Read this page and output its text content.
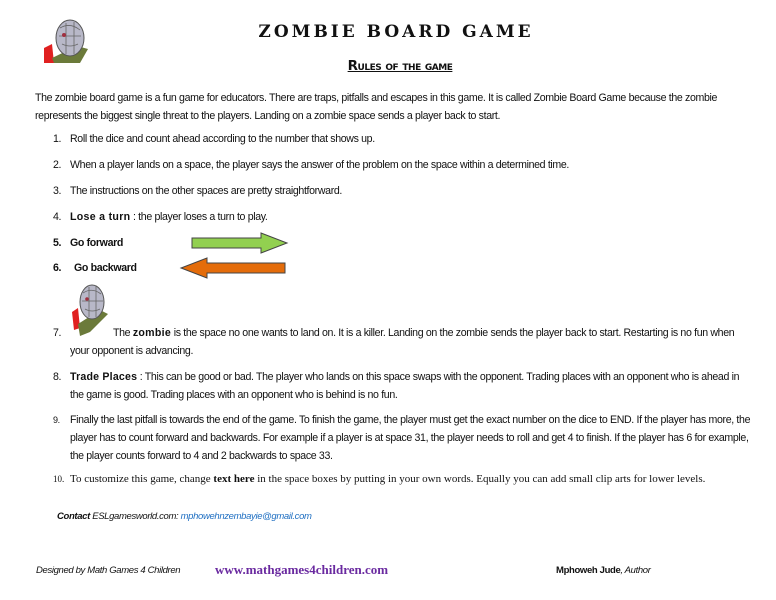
ZOMBIE BOARD GAME
Rules of the game
The zombie board game is a fun game for educators. There are traps, pitfalls and escapes in this game. It is called Zombie Board Game because the zombie represents the biggest single threat to the players. Landing on a zombie space sends a player back to start.
1. Roll the dice and count ahead according to the number that shows up.
2. When a player lands on a space, the player says the answer of the problem on the space within a determined time.
3. The instructions on the other spaces are pretty straightforward.
4. Lose a turn : the player loses a turn to play.
5. Go forward
6. Go backward
7.	The zombie is the space no one wants to land on. It is a killer. Landing on the zombie sends the player back to start. Restarting is no fun when your opponent is advancing.
8. Trade Places : This can be good or bad. The player who lands on this space swaps with the opponent. Trading places with an opponent who is ahead in the game is good. Trading places with an opponent who is behind is no fun.
9. Finally the last pitfall is towards the end of the game. To finish the game, the player must get the exact number on the dice to END. If the player has more, the player has to count forward and backwards. For example if a player is at space 31, the player needs to roll and get 4 to finish. If the player has 6 for example, the player counts forward to 4 and 2 backwards to space 33.
10. To customize this game, change text here in the space boxes by putting in your own words. Equally you can add small clip arts for lower levels.
Contact ESLgamesworld.com: mphowehnzembayie@gmail.com
Designed by Math Games 4 Children	www.mathgames4children.com	Mphoweh Jude, Author
